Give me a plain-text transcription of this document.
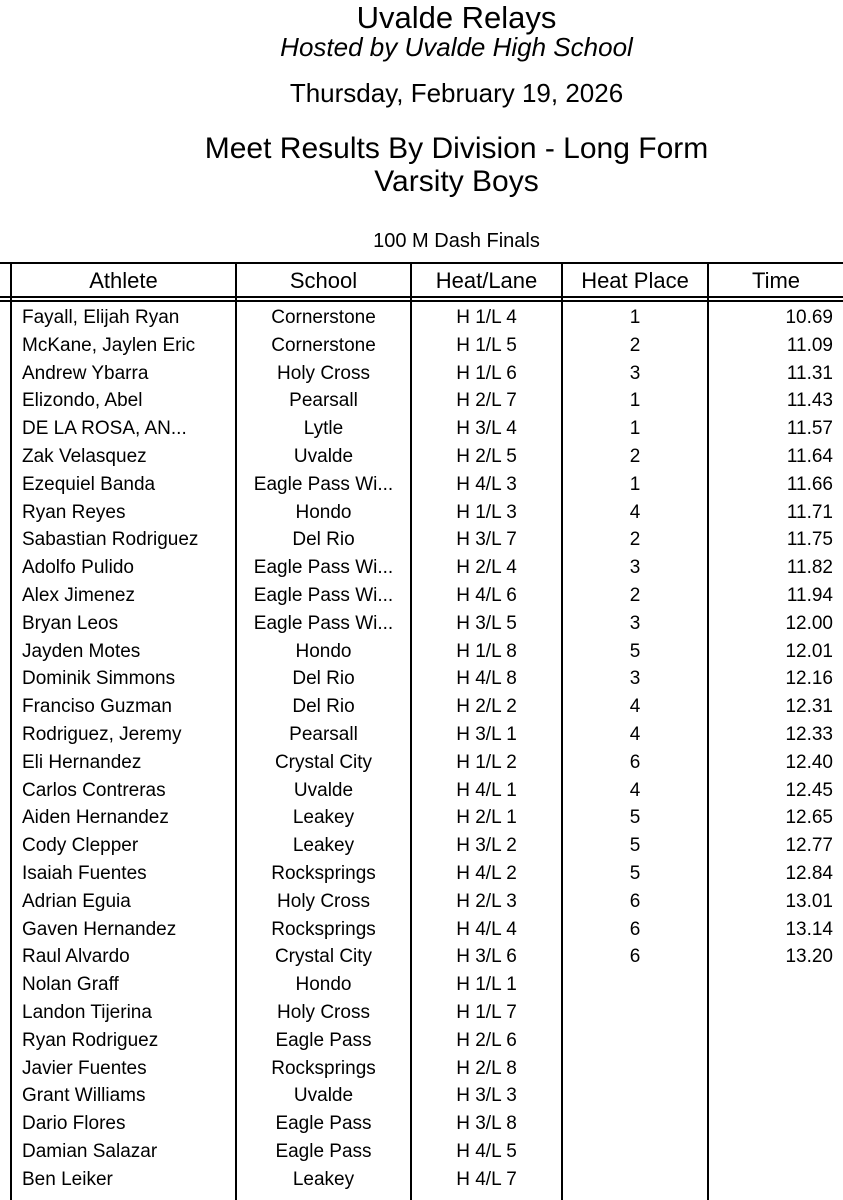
Uvalde Relays
Hosted by Uvalde High School
Thursday, February 19, 2026
Meet Results By Division - Long Form
Varsity Boys
100 M Dash Finals
Athlete	School	Heat/Lane	Heat Place	Time
Fayall, Elijah Ryan	Cornerstone	H 1/L 4	1	10.69
McKane, Jaylen Eric	Cornerstone	H 1/L 5	2	11.09
Andrew Ybarra	Holy Cross	H 1/L 6	3	11.31
Elizondo, Abel	Pearsall	H 2/L 7	1	11.43
DE LA ROSA, AN...	Lytle	H 3/L 4	1	11.57
Zak Velasquez	Uvalde	H 2/L 5	2	11.64
Ezequiel Banda	Eagle Pass Wi...	H 4/L 3	1	11.66
Ryan Reyes	Hondo	H 1/L 3	4	11.71
Sabastian Rodriguez	Del Rio	H 3/L 7	2	11.75
Adolfo Pulido	Eagle Pass Wi...	H 2/L 4	3	11.82
Alex Jimenez	Eagle Pass Wi...	H 4/L 6	2	11.94
Bryan Leos	Eagle Pass Wi...	H 3/L 5	3	12.00
Jayden Motes	Hondo	H 1/L 8	5	12.01
Dominik Simmons	Del Rio	H 4/L 8	3	12.16
Franciso Guzman	Del Rio	H 2/L 2	4	12.31
Rodriguez, Jeremy	Pearsall	H 3/L 1	4	12.33
Eli Hernandez	Crystal City	H 1/L 2	6	12.40
Carlos Contreras	Uvalde	H 4/L 1	4	12.45
Aiden Hernandez	Leakey	H 2/L 1	5	12.65
Cody Clepper	Leakey	H 3/L 2	5	12.77
Isaiah Fuentes	Rocksprings	H 4/L 2	5	12.84
Adrian Eguia	Holy Cross	H 2/L 3	6	13.01
Gaven Hernandez	Rocksprings	H 4/L 4	6	13.14
Raul Alvardo	Crystal City	H 3/L 6	6	13.20
Nolan Graff	Hondo	H 1/L 1
Landon Tijerina	Holy Cross	H 1/L 7
Ryan Rodriguez	Eagle Pass	H 2/L 6
Javier Fuentes	Rocksprings	H 2/L 8
Grant Williams	Uvalde	H 3/L 3
Dario Flores	Eagle Pass	H 3/L 8
Damian Salazar	Eagle Pass	H 4/L 5
Ben Leiker	Leakey	H 4/L 7
